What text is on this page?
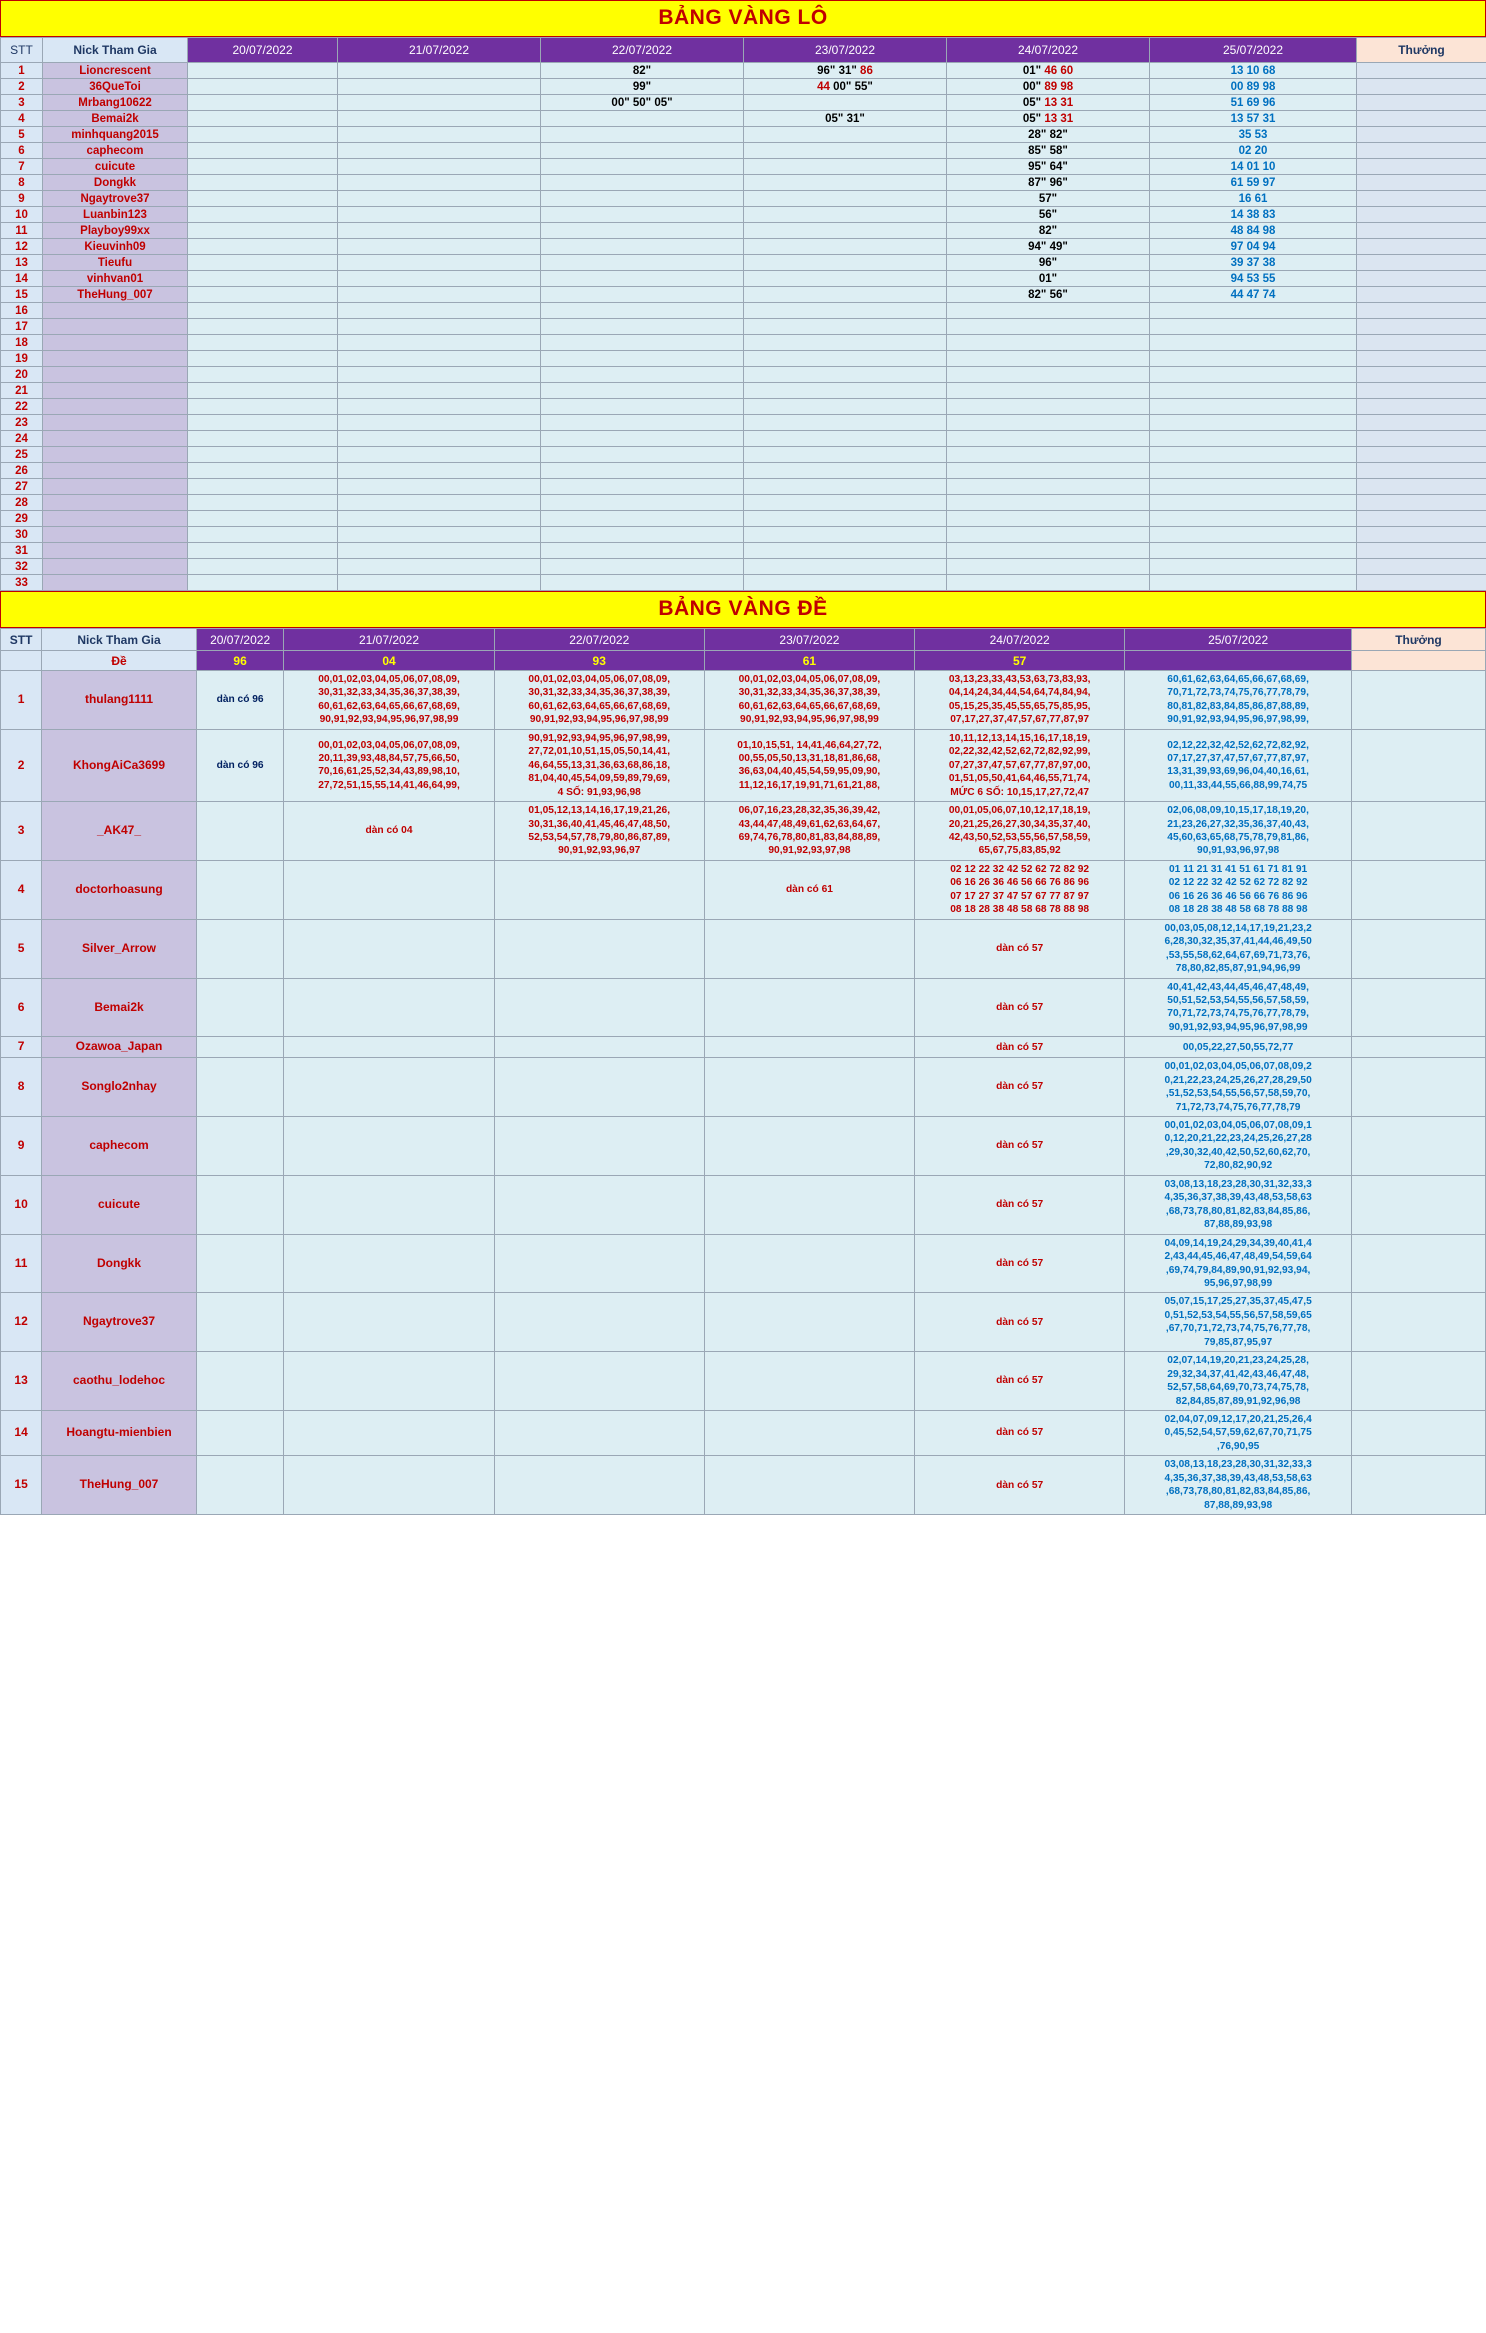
BẢNG VÀNG LÔ
STT	Nick Tham Gia	20/07/2022	21/07/2022	22/07/2022	23/07/2022	24/07/2022	25/07/2022	Thưởng
1	Lioncrescent			82"	96" 31" 86	01" 46 60	13 10 68	
2	36QueToi			99"	44 00" 55"	00" 89 98	00 89 98	
3	Mrbang10622			00" 50" 05"		05" 13 31	51 69 96	
4	Bemai2k				05" 31"	05" 13 31	13 57 31	
5	minhquang2015					28" 82"	35 53	
6	caphecom					85" 58"	02 20	
7	cuicute					95" 64"	14 01 10	
8	Dongkk					87" 96"	61 59 97	
9	Ngaytrove37					57"	16 61	
10	Luanbin123					56"	14 38 83	
11	Playboy99xx					82"	48 84 98	
12	Kieuvinh09					94" 49"	97 04 94	
13	Tieufu					96"	39 37 38	
14	vinhvan01					01"	94 53 55	
15	TheHung_007					82" 56"	44 47 74	
16								
17								
18								
19								
20								
21								
22								
23								
24								
25								
26								
27								
28								
29								
30								
31								
32								
33								
BẢNG VÀNG ĐỀ
STT	Nick Tham Gia	20/07/2022	21/07/2022	22/07/2022	23/07/2022	24/07/2022	25/07/2022	Thưởng
	Đề	96	04	93	61	57		
1	thulang1111	dàn có 96	00,01,02,03,04,05,06,07,08,09,
30,31,32,33,34,35,36,37,38,39,
60,61,62,63,64,65,66,67,68,69,
90,91,92,93,94,95,96,97,98,99	00,01,02,03,04,05,06,07,08,09,
30,31,32,33,34,35,36,37,38,39,
60,61,62,63,64,65,66,67,68,69,
90,91,92,93,94,95,96,97,98,99	00,01,02,03,04,05,06,07,08,09,
30,31,32,33,34,35,36,37,38,39,
60,61,62,63,64,65,66,67,68,69,
90,91,92,93,94,95,96,97,98,99	03,13,23,33,43,53,63,73,83,93,
04,14,24,34,44,54,64,74,84,94,
05,15,25,35,45,55,65,75,85,95,
07,17,27,37,47,57,67,77,87,97	60,61,62,63,64,65,66,67,68,69,
70,71,72,73,74,75,76,77,78,79,
80,81,82,83,84,85,86,87,88,89,
90,91,92,93,94,95,96,97,98,99,	
2	KhongAiCa3699	dàn có 96	00,01,02,03,04,05,06,07,08,09,
20,11,39,93,48,84,57,75,66,50,
70,16,61,25,52,34,43,89,98,10,
27,72,51,15,55,14,41,46,64,99,	90,91,92,93,94,95,96,97,98,99,
27,72,01,10,51,15,05,50,14,41,
46,64,55,13,31,36,63,68,86,18,
81,04,40,45,54,09,59,89,79,69,
4 SỐ: 91,93,96,98	01,10,15,51, 14,41,46,64,27,72,
00,55,05,50,13,31,18,81,86,68,
36,63,04,40,45,54,59,95,09,90,
11,12,16,17,19,91,71,61,21,88,	10,11,12,13,14,15,16,17,18,19,
02,22,32,42,52,62,72,82,92,99,
07,27,37,47,57,67,77,87,97,00,
01,51,05,50,41,64,46,55,71,74,
MỨC 6 SỐ: 10,15,17,27,72,47	02,12,22,32,42,52,62,72,82,92,
07,17,27,37,47,57,67,77,87,97,
13,31,39,93,69,96,04,40,16,61,
00,11,33,44,55,66,88,99,74,75	
3	_AK47_		dàn có 04	01,05,12,13,14,16,17,19,21,26,
30,31,36,40,41,45,46,47,48,50,
52,53,54,57,78,79,80,86,87,89,
90,91,92,93,96,97	06,07,16,23,28,32,35,36,39,42,
43,44,47,48,49,61,62,63,64,67,
69,74,76,78,80,81,83,84,88,89,
90,91,92,93,97,98	00,01,05,06,07,10,12,17,18,19,
20,21,25,26,27,30,34,35,37,40,
42,43,50,52,53,55,56,57,58,59,
65,67,75,83,85,92	02,06,08,09,10,15,17,18,19,20,
21,23,26,27,32,35,36,37,40,43,
45,60,63,65,68,75,78,79,81,86,
90,91,93,96,97,98	
4	doctorhoasung				dàn có 61	02 12 22 32 42 52 62 72 82 92
06 16 26 36 46 56 66 76 86 96
07 17 27 37 47 57 67 77 87 97
08 18 28 38 48 58 68 78 88 98	01 11 21 31 41 51 61 71 81 91
02 12 22 32 42 52 62 72 82 92
06 16 26 36 46 56 66 76 86 96
08 18 28 38 48 58 68 78 88 98	
5	Silver_Arrow					dàn có 57	00,03,05,08,12,14,17,19,21,23,2
6,28,30,32,35,37,41,44,46,49,50
,53,55,58,62,64,67,69,71,73,76,
78,80,82,85,87,91,94,96,99	
6	Bemai2k					dàn có 57	40,41,42,43,44,45,46,47,48,49,
50,51,52,53,54,55,56,57,58,59,
70,71,72,73,74,75,76,77,78,79,
90,91,92,93,94,95,96,97,98,99	
7	Ozawoa_Japan					dàn có 57	00,05,22,27,50,55,72,77	
8	Songlo2nhay					dàn có 57	00,01,02,03,04,05,06,07,08,09,2
0,21,22,23,24,25,26,27,28,29,50
,51,52,53,54,55,56,57,58,59,70,
71,72,73,74,75,76,77,78,79	
9	caphecom					dàn có 57	00,01,02,03,04,05,06,07,08,09,1
0,12,20,21,22,23,24,25,26,27,28
,29,30,32,40,42,50,52,60,62,70,
72,80,82,90,92	
10	cuicute					dàn có 57	03,08,13,18,23,28,30,31,32,33,3
4,35,36,37,38,39,43,48,53,58,63
,68,73,78,80,81,82,83,84,85,86,
87,88,89,93,98	
11	Dongkk					dàn có 57	04,09,14,19,24,29,34,39,40,41,4
2,43,44,45,46,47,48,49,54,59,64
,69,74,79,84,89,90,91,92,93,94,
95,96,97,98,99	
12	Ngaytrove37					dàn có 57	05,07,15,17,25,27,35,37,45,47,5
0,51,52,53,54,55,56,57,58,59,65
,67,70,71,72,73,74,75,76,77,78,
79,85,87,95,97	
13	caothu_lodehoc					dàn có 57	02,07,14,19,20,21,23,24,25,28,
29,32,34,37,41,42,43,46,47,48,
52,57,58,64,69,70,73,74,75,78,
82,84,85,87,89,91,92,96,98	
14	Hoangtu-mienbien					dàn có 57	02,04,07,09,12,17,20,21,25,26,4
0,45,52,54,57,59,62,67,70,71,75
,76,90,95	
15	TheHung_007					dàn có 57	03,08,13,18,23,28,30,31,32,33,3
4,35,36,37,38,39,43,48,53,58,63
,68,73,78,80,81,82,83,84,85,86,
87,88,89,93,98	
